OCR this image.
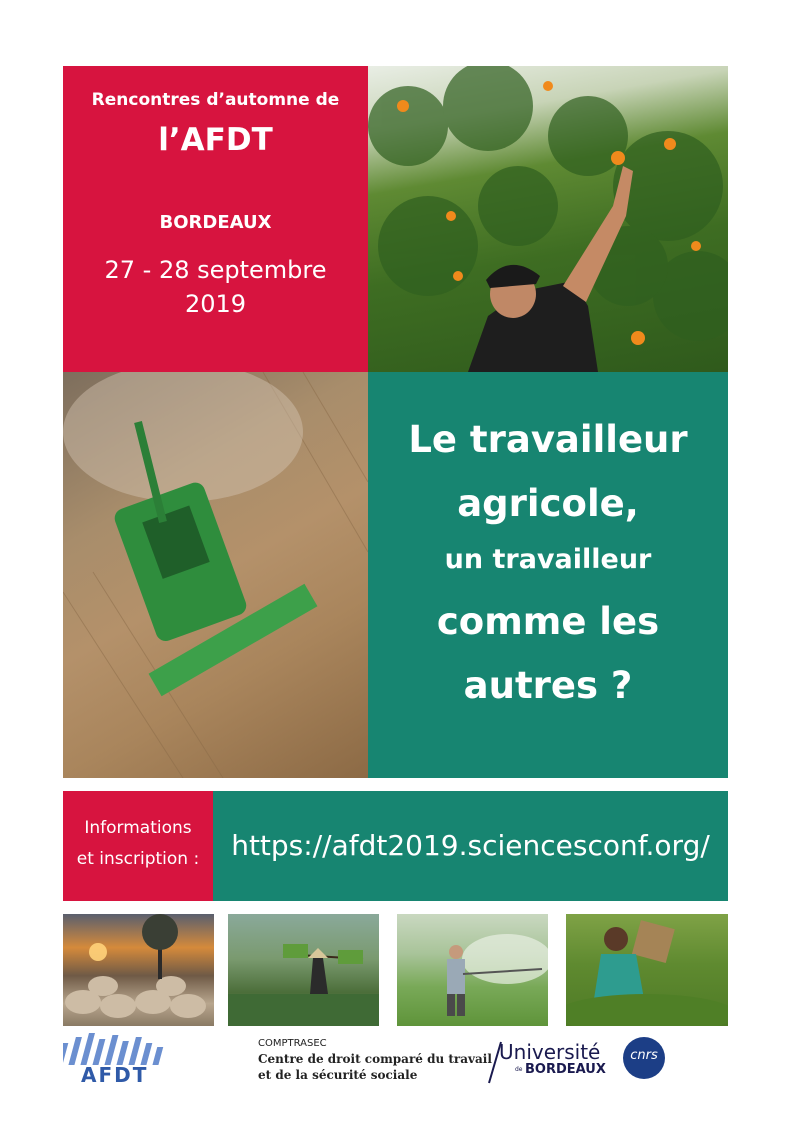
Rencontres d’automne de
l’AFDT
BORDEAUX
27 - 28 septembre
2019
Le travailleur
agricole,
un travailleur
comme les
autres ?
Informations
et inscription :	https://afdt2019.sciencesconf.org/
AFDT
COMPTRASEC
Centre de droit comparé du travail
et de la sécurité sociale
Université
de BORDEAUX
cnrs
